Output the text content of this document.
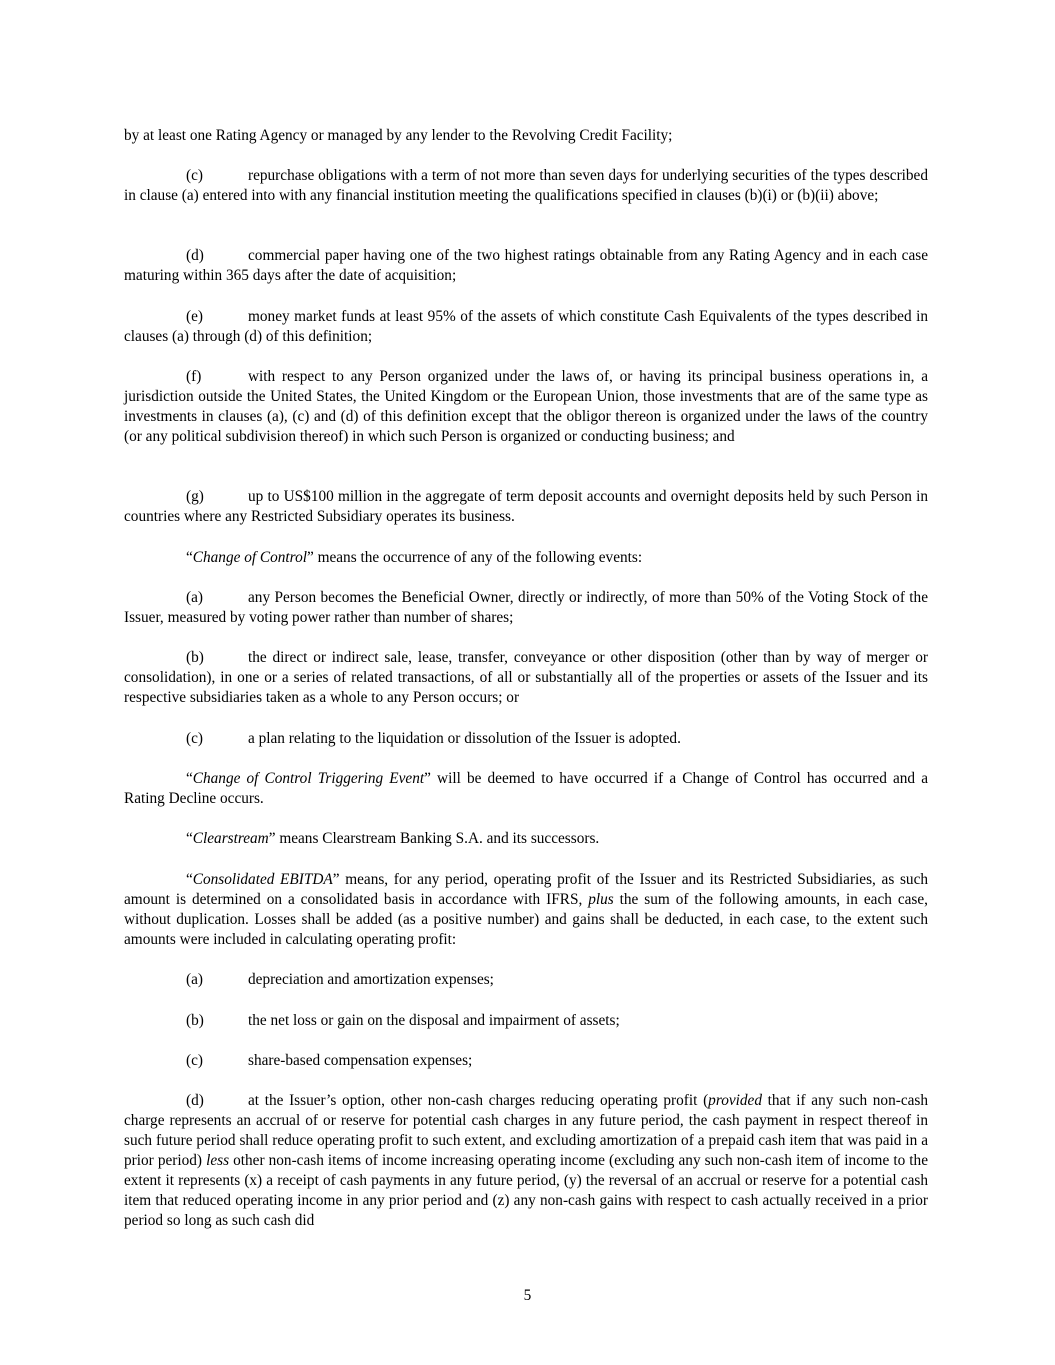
by at least one Rating Agency or managed by any lender to the Revolving Credit Facility;

(c)	repurchase obligations with a term of not more than seven days for underlying securities of the types described in clause (a) entered into with any financial institution meeting the qualifications specified in clauses (b)(i) or (b)(ii) above;

(d)	commercial paper having one of the two highest ratings obtainable from any Rating Agency and in each case maturing within 365 days after the date of acquisition;

(e)	money market funds at least 95% of the assets of which constitute Cash Equivalents of the types described in clauses (a) through (d) of this definition;

(f)	with respect to any Person organized under the laws of, or having its principal business operations in, a jurisdiction outside the United States, the United Kingdom or the European Union, those investments that are of the same type as investments in clauses (a), (c) and (d) of this definition except that the obligor thereon is organized under the laws of the country (or any political subdivision thereof) in which such Person is organized or conducting business; and

(g)	up to US$100 million in the aggregate of term deposit accounts and overnight deposits held by such Person in countries where any Restricted Subsidiary operates its business.

“Change of Control” means the occurrence of any of the following events:

(a)	any Person becomes the Beneficial Owner, directly or indirectly, of more than 50% of the Voting Stock of the Issuer, measured by voting power rather than number of shares;

(b)	the direct or indirect sale, lease, transfer, conveyance or other disposition (other than by way of merger or consolidation), in one or a series of related transactions, of all or substantially all of the properties or assets of the Issuer and its respective subsidiaries taken as a whole to any Person occurs; or

(c)	a plan relating to the liquidation or dissolution of the Issuer is adopted.

“Change of Control Triggering Event” will be deemed to have occurred if a Change of Control has occurred and a Rating Decline occurs.

“Clearstream” means Clearstream Banking S.A. and its successors.

“Consolidated EBITDA” means, for any period, operating profit of the Issuer and its Restricted Subsidiaries, as such amount is determined on a consolidated basis in accordance with IFRS, plus the sum of the following amounts, in each case, without duplication. Losses shall be added (as a positive number) and gains shall be deducted, in each case, to the extent such amounts were included in calculating operating profit:

(a)	depreciation and amortization expenses;

(b)	the net loss or gain on the disposal and impairment of assets;

(c)	share-based compensation expenses;

(d)	at the Issuer’s option, other non-cash charges reducing operating profit (provided that if any such non-cash charge represents an accrual of or reserve for potential cash charges in any future period, the cash payment in respect thereof in such future period shall reduce operating profit to such extent, and excluding amortization of a prepaid cash item that was paid in a prior period) less other non-cash items of income increasing operating income (excluding any such non-cash item of income to the extent it represents (x) a receipt of cash payments in any future period, (y) the reversal of an accrual or reserve for a potential cash item that reduced operating income in any prior period and (z) any non-cash gains with respect to cash actually received in a prior period so long as such cash did

5
